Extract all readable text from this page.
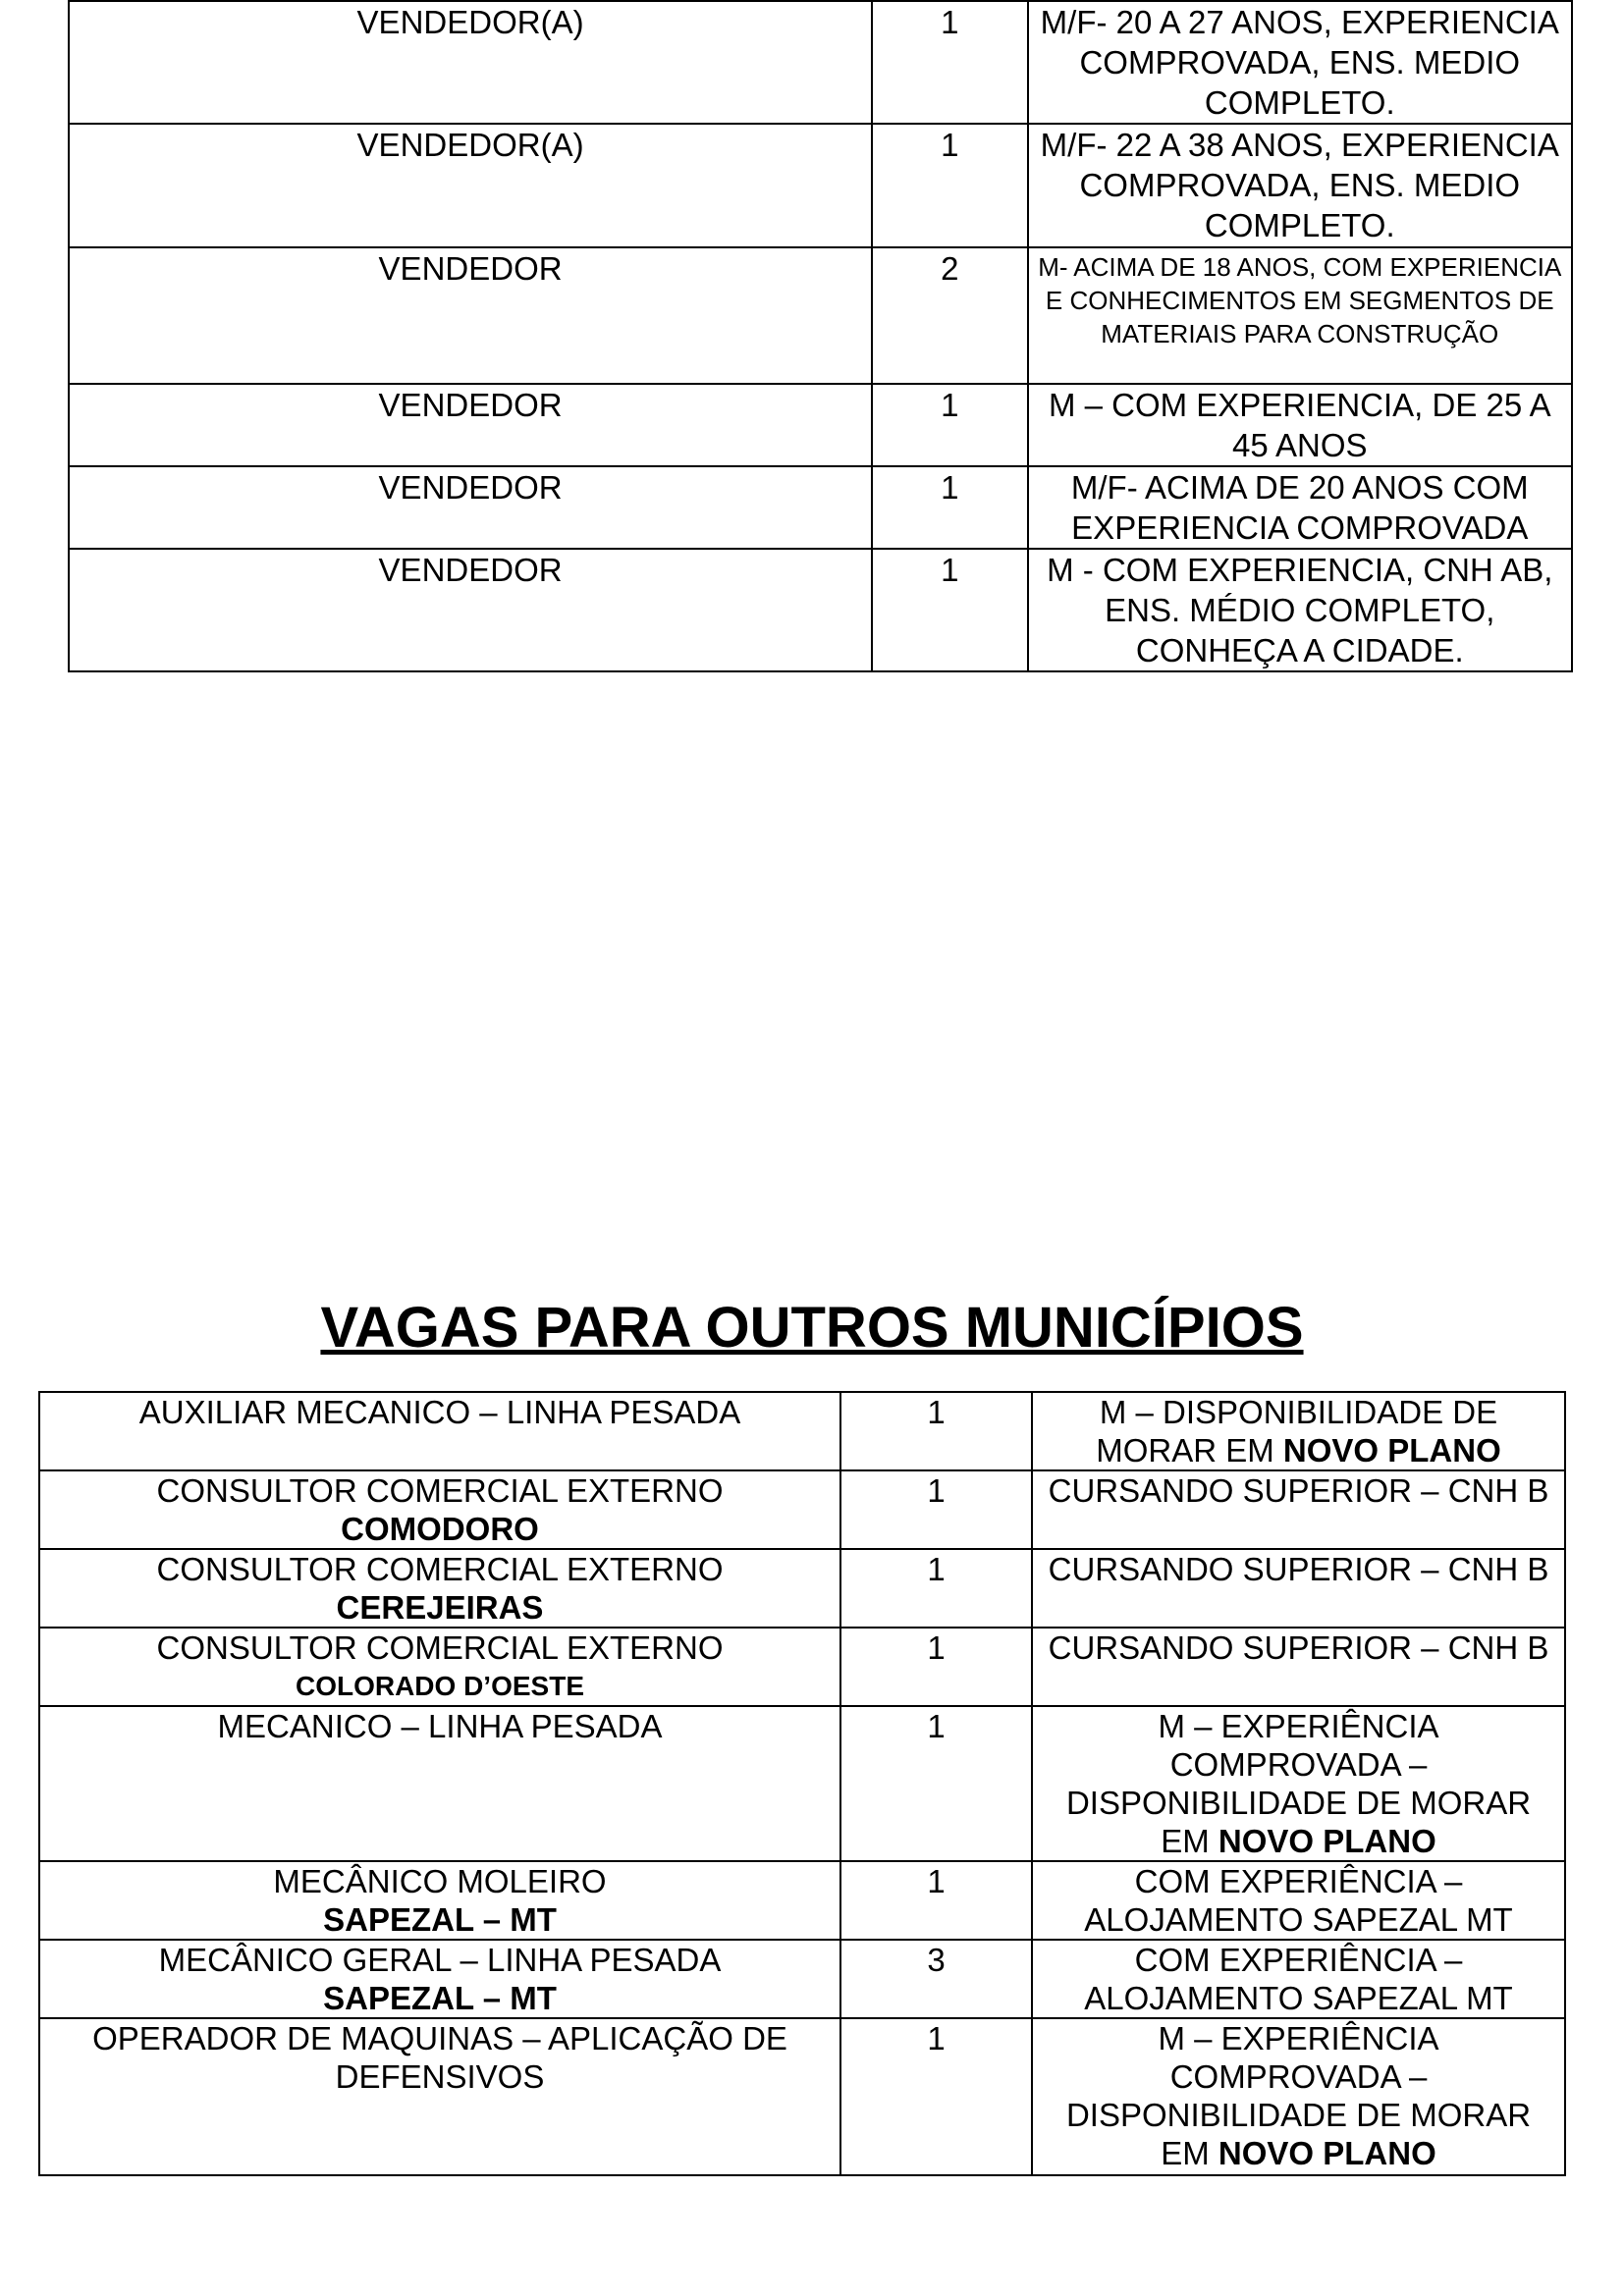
VENDEDOR(A)	1	M/F- 20 A 27 ANOS, EXPERIENCIA COMPROVADA, ENS. MEDIO COMPLETO.
VENDEDOR(A)	1	M/F- 22 A 38 ANOS, EXPERIENCIA COMPROVADA, ENS. MEDIO COMPLETO.
VENDEDOR	2	M- ACIMA DE 18 ANOS, COM EXPERIENCIA E CONHECIMENTOS EM SEGMENTOS DE MATERIAIS PARA CONSTRUÇÃO
VENDEDOR	1	M – COM EXPERIENCIA, DE 25 A 45 ANOS
VENDEDOR	1	M/F- ACIMA DE 20 ANOS COM EXPERIENCIA COMPROVADA
VENDEDOR	1	M - COM EXPERIENCIA, CNH AB, ENS. MÉDIO COMPLETO, CONHEÇA A CIDADE.
VAGAS PARA OUTROS MUNICÍPIOS
AUXILIAR MECANICO – LINHA PESADA	1	M – DISPONIBILIDADE DE MORAR EM NOVO PLANO

CONSULTOR COMERCIAL EXTERNO
COMODORO	1	CURSANDO SUPERIOR – CNH B

CONSULTOR COMERCIAL EXTERNO
CEREJEIRAS	1	CURSANDO SUPERIOR – CNH B

CONSULTOR COMERCIAL EXTERNO
COLORADO D’OESTE	1	CURSANDO SUPERIOR – CNH B

MECANICO – LINHA PESADA	1	M – EXPERIÊNCIA COMPROVADA – DISPONIBILIDADE DE MORAR EM NOVO PLANO

MECÂNICO MOLEIRO
SAPEZAL – MT	1	COM EXPERIÊNCIA – ALOJAMENTO SAPEZAL MT

MECÂNICO GERAL – LINHA PESADA
SAPEZAL – MT	3	COM EXPERIÊNCIA – ALOJAMENTO SAPEZAL MT

OPERADOR DE MAQUINAS – APLICAÇÃO DE DEFENSIVOS	1	M – EXPERIÊNCIA COMPROVADA – DISPONIBILIDADE DE MORAR EM NOVO PLANO
